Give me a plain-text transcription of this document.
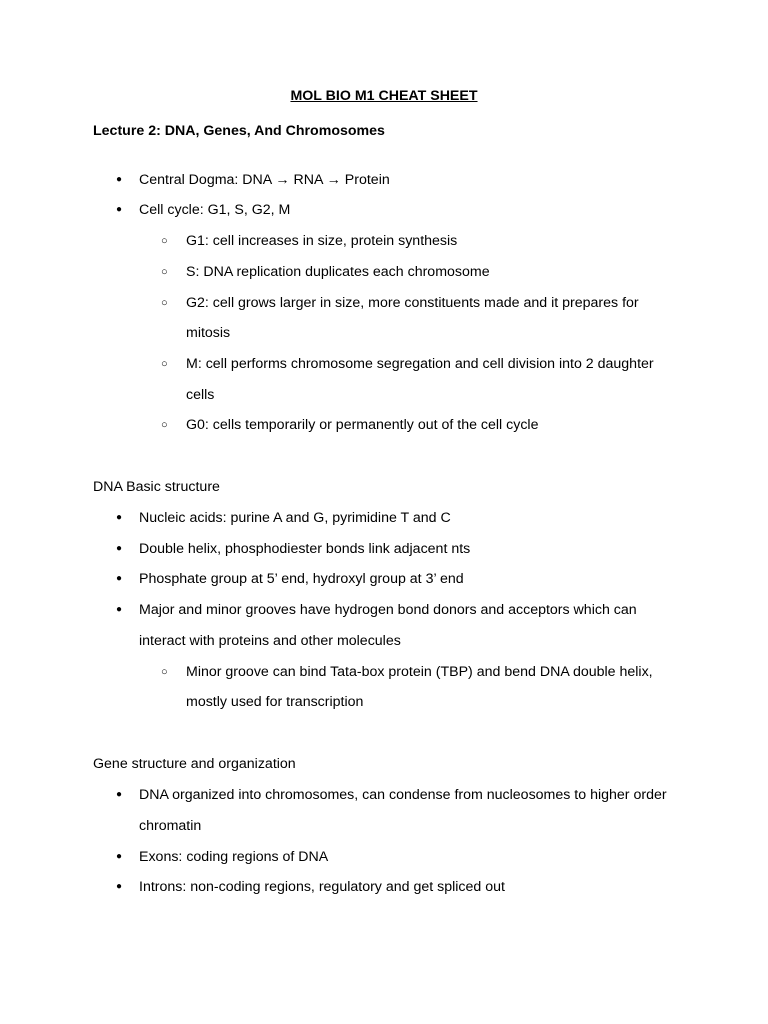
MOL BIO M1 CHEAT SHEET
Lecture 2: DNA, Genes, And Chromosomes
● Central Dogma: DNA → RNA → Protein
● Cell cycle: G1, S, G2, M
○ G1: cell increases in size, protein synthesis
○ S: DNA replication duplicates each chromosome
○ G2: cell grows larger in size, more constituents made and it prepares for
mitosis
○ M: cell performs chromosome segregation and cell division into 2 daughter
cells
○ G0: cells temporarily or permanently out of the cell cycle
DNA Basic structure
● Nucleic acids: purine A and G, pyrimidine T and C
● Double helix, phosphodiester bonds link adjacent nts
● Phosphate group at 5’ end, hydroxyl group at 3’ end
● Major and minor grooves have hydrogen bond donors and acceptors which can
interact with proteins and other molecules
○ Minor groove can bind Tata-box protein (TBP) and bend DNA double helix,
mostly used for transcription
Gene structure and organization
● DNA organized into chromosomes, can condense from nucleosomes to higher order
chromatin
● Exons: coding regions of DNA
● Introns: non-coding regions, regulatory and get spliced out
